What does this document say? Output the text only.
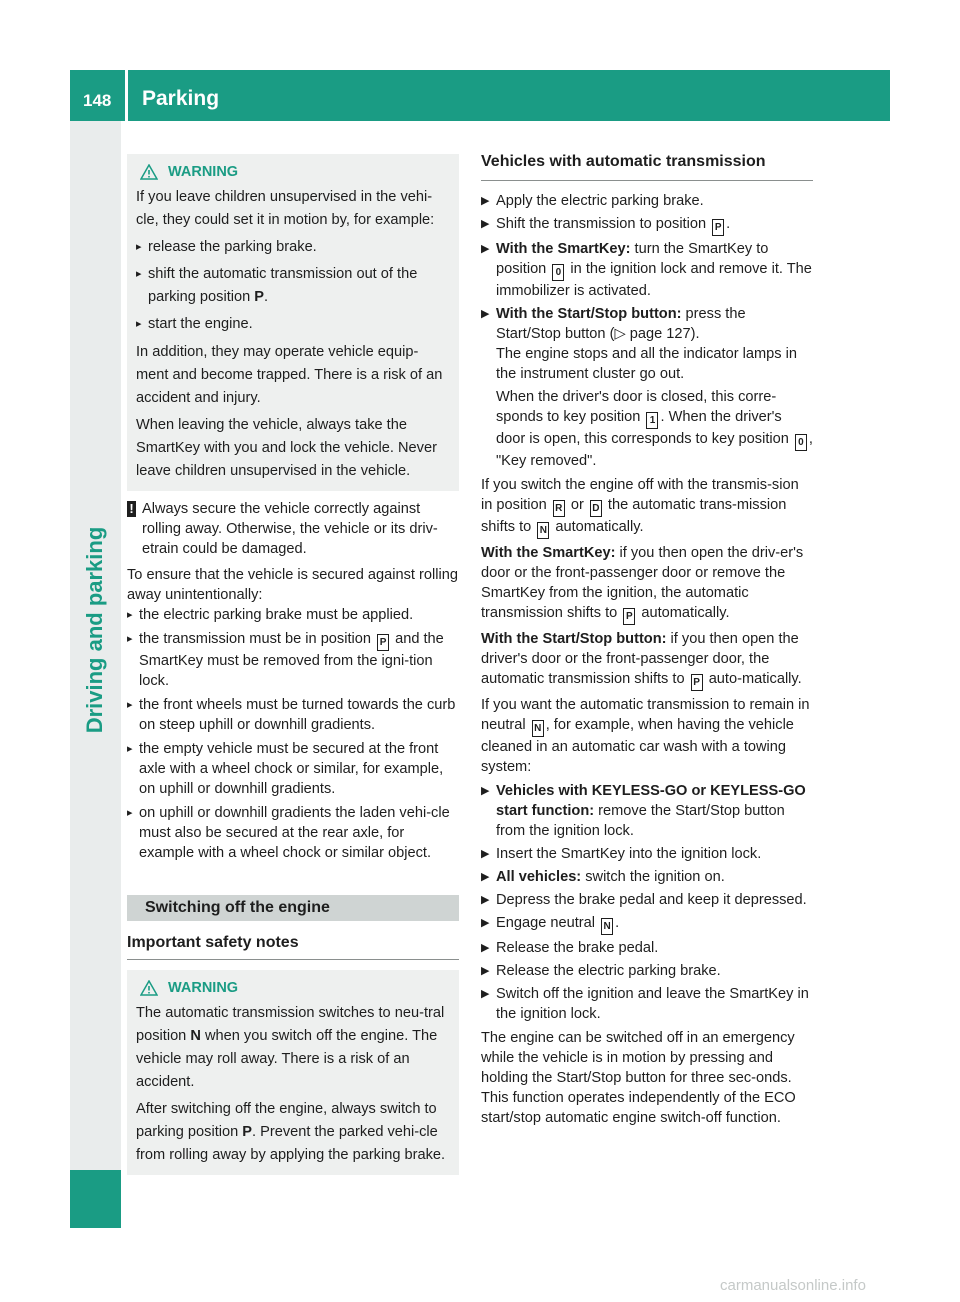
148 Parking
Driving and parking
WARNING

If you leave children unsupervised in the vehi-cle, they could set it in motion by, for example:

▸ release the parking brake.
▸ shift the automatic transmission out of the parking position P.
▸ start the engine.

In addition, they may operate vehicle equip-ment and become trapped. There is a risk of an accident and injury.

When leaving the vehicle, always take the SmartKey with you and lock the vehicle. Never leave children unsupervised in the vehicle.

! Always secure the vehicle correctly against rolling away. Otherwise, the vehicle or its driv-etrain could be damaged.

To ensure that the vehicle is secured against rolling away unintentionally:

▸ the electric parking brake must be applied.
▸ the transmission must be in position P and the SmartKey must be removed from the igni-tion lock.
▸ the front wheels must be turned towards the curb on steep uphill or downhill gradients.
▸ the empty vehicle must be secured at the front axle with a wheel chock or similar, for example, on uphill or downhill gradients.
▸ on uphill or downhill gradients the laden vehi-cle must also be secured at the rear axle, for example with a wheel chock or similar object.
Switching off the engine
Important safety notes
WARNING

The automatic transmission switches to neu-tral position N when you switch off the engine. The vehicle may roll away. There is a risk of an accident.

After switching off the engine, always switch to parking position P. Prevent the parked vehi-cle from rolling away by applying the parking brake.

Vehicles with automatic transmission

▶ Apply the electric parking brake.
▶ Shift the transmission to position P .
▶ With the SmartKey: turn the SmartKey to position 0 in the ignition lock and remove it. The immobilizer is activated.
▶ With the Start/Stop button: press the Start/Stop button (▷ page 127).

The engine stops and all the indicator lamps in the instrument cluster go out.

When the driver's door is closed, this corre-sponds to key position 1 . When the driver's door is open, this corresponds to key position 0 , "Key removed".

If you switch the engine off with the transmis-sion in position R or D the automatic trans-mission shifts to N automatically.

With the SmartKey: if you then open the driv-er's door or the front-passenger door or remove the SmartKey from the ignition, the automatic transmission shifts to P automatically.

With the Start/Stop button: if you then open the driver's door or the front-passenger door, the automatic transmission shifts to P auto-matically.

If you want the automatic transmission to remain in neutral N , for example, when having the vehicle cleaned in an automatic car wash with a towing system:

▶ Vehicles with KEYLESS-GO or KEYLESS-GO start function: remove the Start/Stop button from the ignition lock.
▶ Insert the SmartKey into the ignition lock.
▶ All vehicles: switch the ignition on.
▶ Depress the brake pedal and keep it depressed.
▶ Engage neutral N .
▶ Release the brake pedal.
▶ Release the electric parking brake.
▶ Switch off the ignition and leave the SmartKey in the ignition lock.

The engine can be switched off in an emergency while the vehicle is in motion by pressing and holding the Start/Stop button for three sec-onds. This function operates independently of the ECO start/stop automatic engine switch-off function.

carmanualsonline.info
